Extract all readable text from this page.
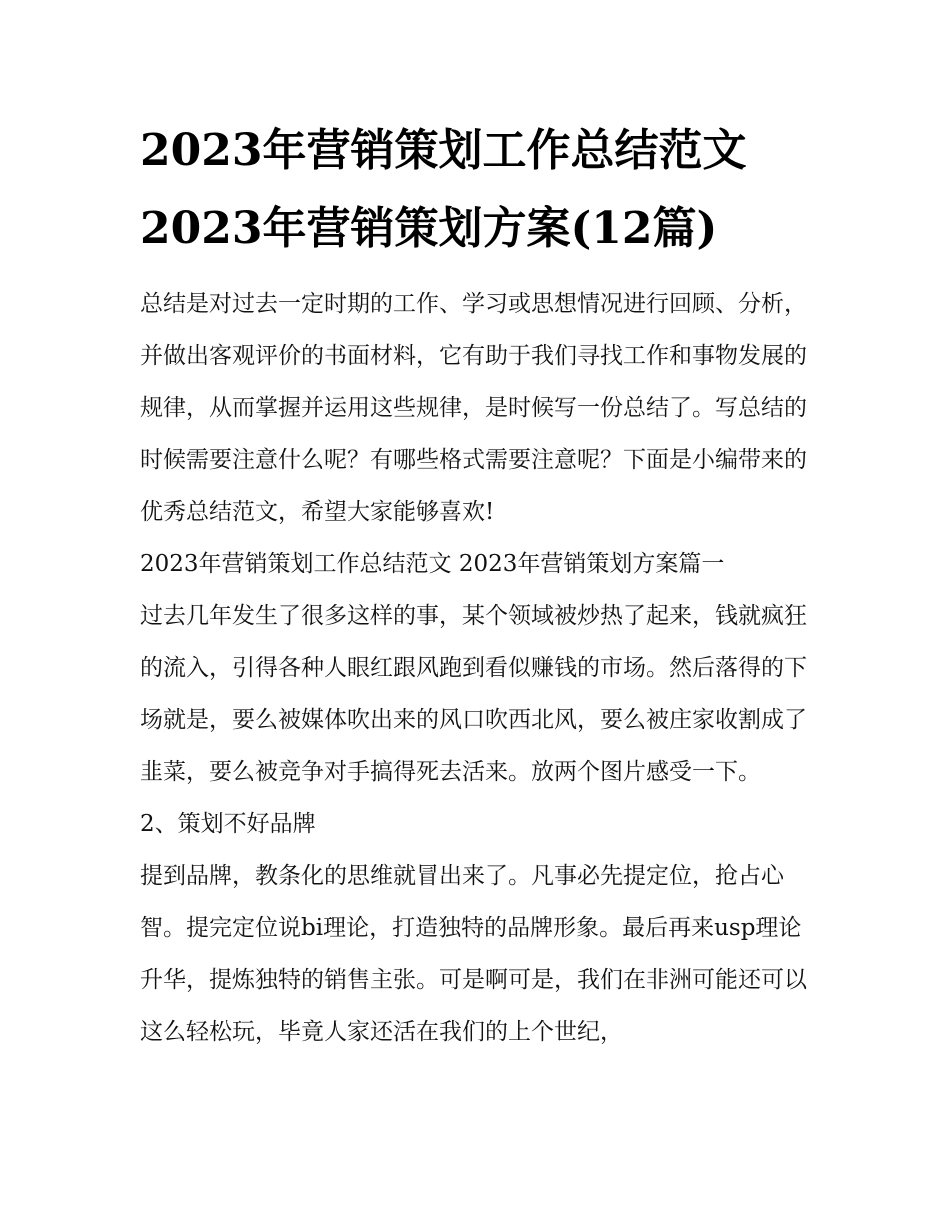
2023年营销策划工作总结范文
2023年营销策划方案(12篇)

总结是对过去一定时期的工作、学习或思想情况进行回顾、分析，并做出客观评价的书面材料，它有助于我们寻找工作和事物发展的规律，从而掌握并运用这些规律，是时候写一份总结了。写总结的时候需要注意什么呢？有哪些格式需要注意呢？下面是小编带来的优秀总结范文，希望大家能够喜欢!

2023年营销策划工作总结范文 2023年营销策划方案篇一

过去几年发生了很多这样的事，某个领域被炒热了起来，钱就疯狂的流入，引得各种人眼红跟风跑到看似赚钱的市场。然后落得的下场就是，要么被媒体吹出来的风口吹西北风，要么被庄家收割成了韭菜，要么被竞争对手搞得死去活来。放两个图片感受一下。

2、策划不好品牌

提到品牌，教条化的思维就冒出来了。凡事必先提定位，抢占心智。提完定位说bi理论，打造独特的品牌形象。最后再来usp理论升华，提炼独特的销售主张。可是啊可是，我们在非洲可能还可以这么轻松玩，毕竟人家还活在我们的上个世纪，
